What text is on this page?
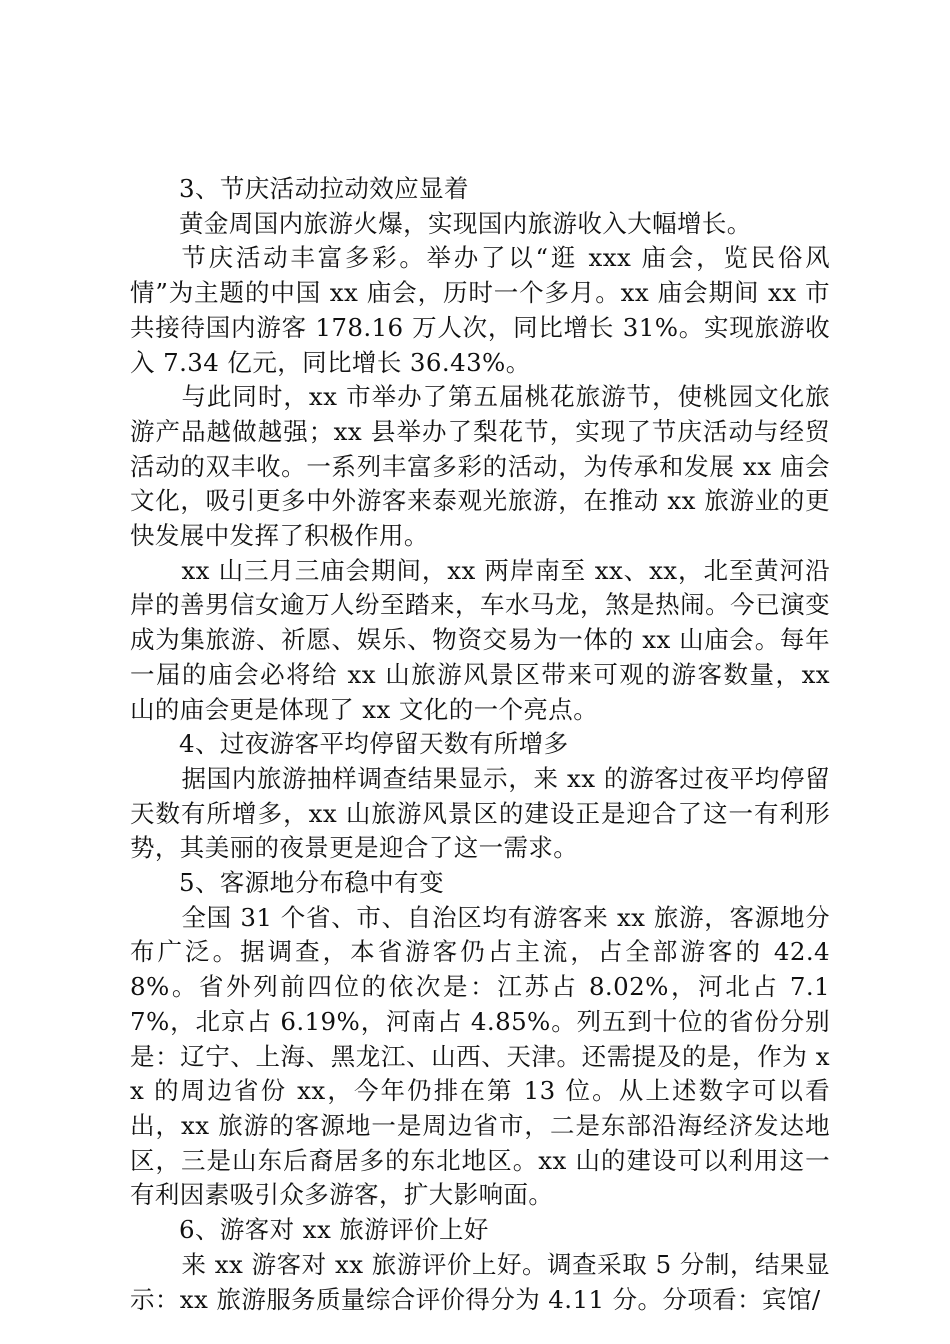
3、节庆活动拉动效应显着

黄金周国内旅游火爆，实现国内旅游收入大幅增长。

节庆活动丰富多彩。举办了以“逛 xxx 庙会，览民俗风情”为主题的中国 xx 庙会，历时一个多月。xx 庙会期间 xx 市共接待国内游客 178.16 万人次，同比增长 31%。实现旅游收入 7.34 亿元，同比增长 36.43%。

与此同时，xx 市举办了第五届桃花旅游节，使桃园文化旅游产品越做越强；xx 县举办了梨花节，实现了节庆活动与经贸活动的双丰收。一系列丰富多彩的活动，为传承和发展 xx 庙会文化，吸引更多中外游客来泰观光旅游，在推动 xx 旅游业的更快发展中发挥了积极作用。

xx 山三月三庙会期间，xx 两岸南至 xx、xx，北至黄河沿岸的善男信女逾万人纷至踏来，车水马龙，煞是热闹。今已演变成为集旅游、祈愿、娱乐、物资交易为一体的 xx 山庙会。每年一届的庙会必将给 xx 山旅游风景区带来可观的游客数量，xx 山的庙会更是体现了 xx 文化的一个亮点。

4、过夜游客平均停留天数有所增多

据国内旅游抽样调查结果显示，来 xx 的游客过夜平均停留天数有所增多，xx 山旅游风景区的建设正是迎合了这一有利形势，其美丽的夜景更是迎合了这一需求。

5、客源地分布稳中有变

全国 31 个省、市、自治区均有游客来 xx 旅游，客源地分布广泛。据调查，本省游客仍占主流，占全部游客的 42.48%。省外列前四位的依次是：江苏占 8.02%，河北占 7.17%，北京占 6.19%，河南占 4.85%。列五到十位的省份分别是：辽宁、上海、黑龙江、山西、天津。还需提及的是，作为 xx 的周边省份 xx，今年仍排在第 13 位。从上述数字可以看出，xx 旅游的客源地一是周边省市，二是东部沿海经济发达地区，三是山东后裔居多的东北地区。xx 山的建设可以利用这一有利因素吸引众多游客，扩大影响面。

6、游客对 xx 旅游评价上好

来 xx 游客对 xx 旅游评价上好。调查采取 5 分制，结果显示：xx 旅游服务质量综合评价得分为 4.11 分。分项看：宾馆/
